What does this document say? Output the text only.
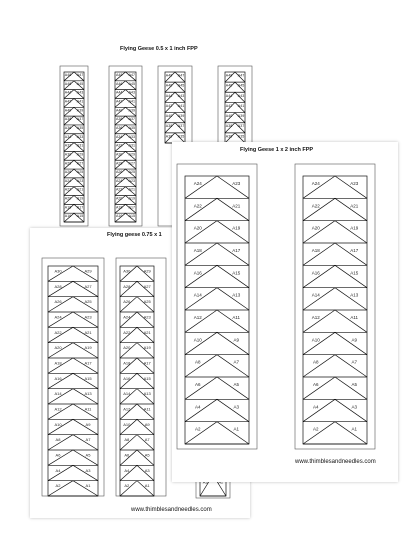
Flying Geese 0.5 x 1 inch FPP
A48 A47
A46 A45
A44 A43
A42 A41
A40 A39
A38 A37
A36 A35
A34 A33
A32 A31
A30 A29
A28 A27
A26 A25
A24 A23
A22 A21
A20 A19
A18 A17
A16 A15
A48 A47
A46 A45
A44 A43
A42 A41
A40 A39
A38 A37
A36 A35
A34 A33
A32 A31
A30 A29
A28 A27
A26 A25
A24 A23
A22 A21
A20 A19
A18 A17
A16 A15
A48 A47
A46 A45
A44 A43
A42 A41
A40 A39
A38 A37
A36 A35
A48 A47
A46 A45
A44 A43
A42 A41
A40 A39
A38 A37
A36 A35
Flying geese 0.75 x 1
A30	A29
A28	A27
A26	A25
A24	A23
A22	A21
A20	A19
A18	A17
A16	A15
A14	A13
A12	A11
A10	A9
A8	A7
A6	A5
A4	A3
A2	A1
A30	A29
A28	A27
A26	A25
A24	A23
A22	A21
A20	A19
A18	A17
A16	A15
A14	A13
A12	A11
A10	A9
A8	A7
A6	A5
A4	A3
A2	A1
www.thimblesandneedles.com
Flying Geese 1 x 2 inch FPP
A24	A23
A22	A21
A20	A19
A18	A17
A16	A15
A14	A13
A12	A11
A10	A9
A8	A7
A6	A5
A4	A3
A2	A1
A24	A23
A22	A21
A20	A19
A18	A17
A16	A15
A14	A13
A12	A11
A10	A9
A8	A7
A6	A5
A4	A3
A2	A1
www.thimblesandneedles.com
